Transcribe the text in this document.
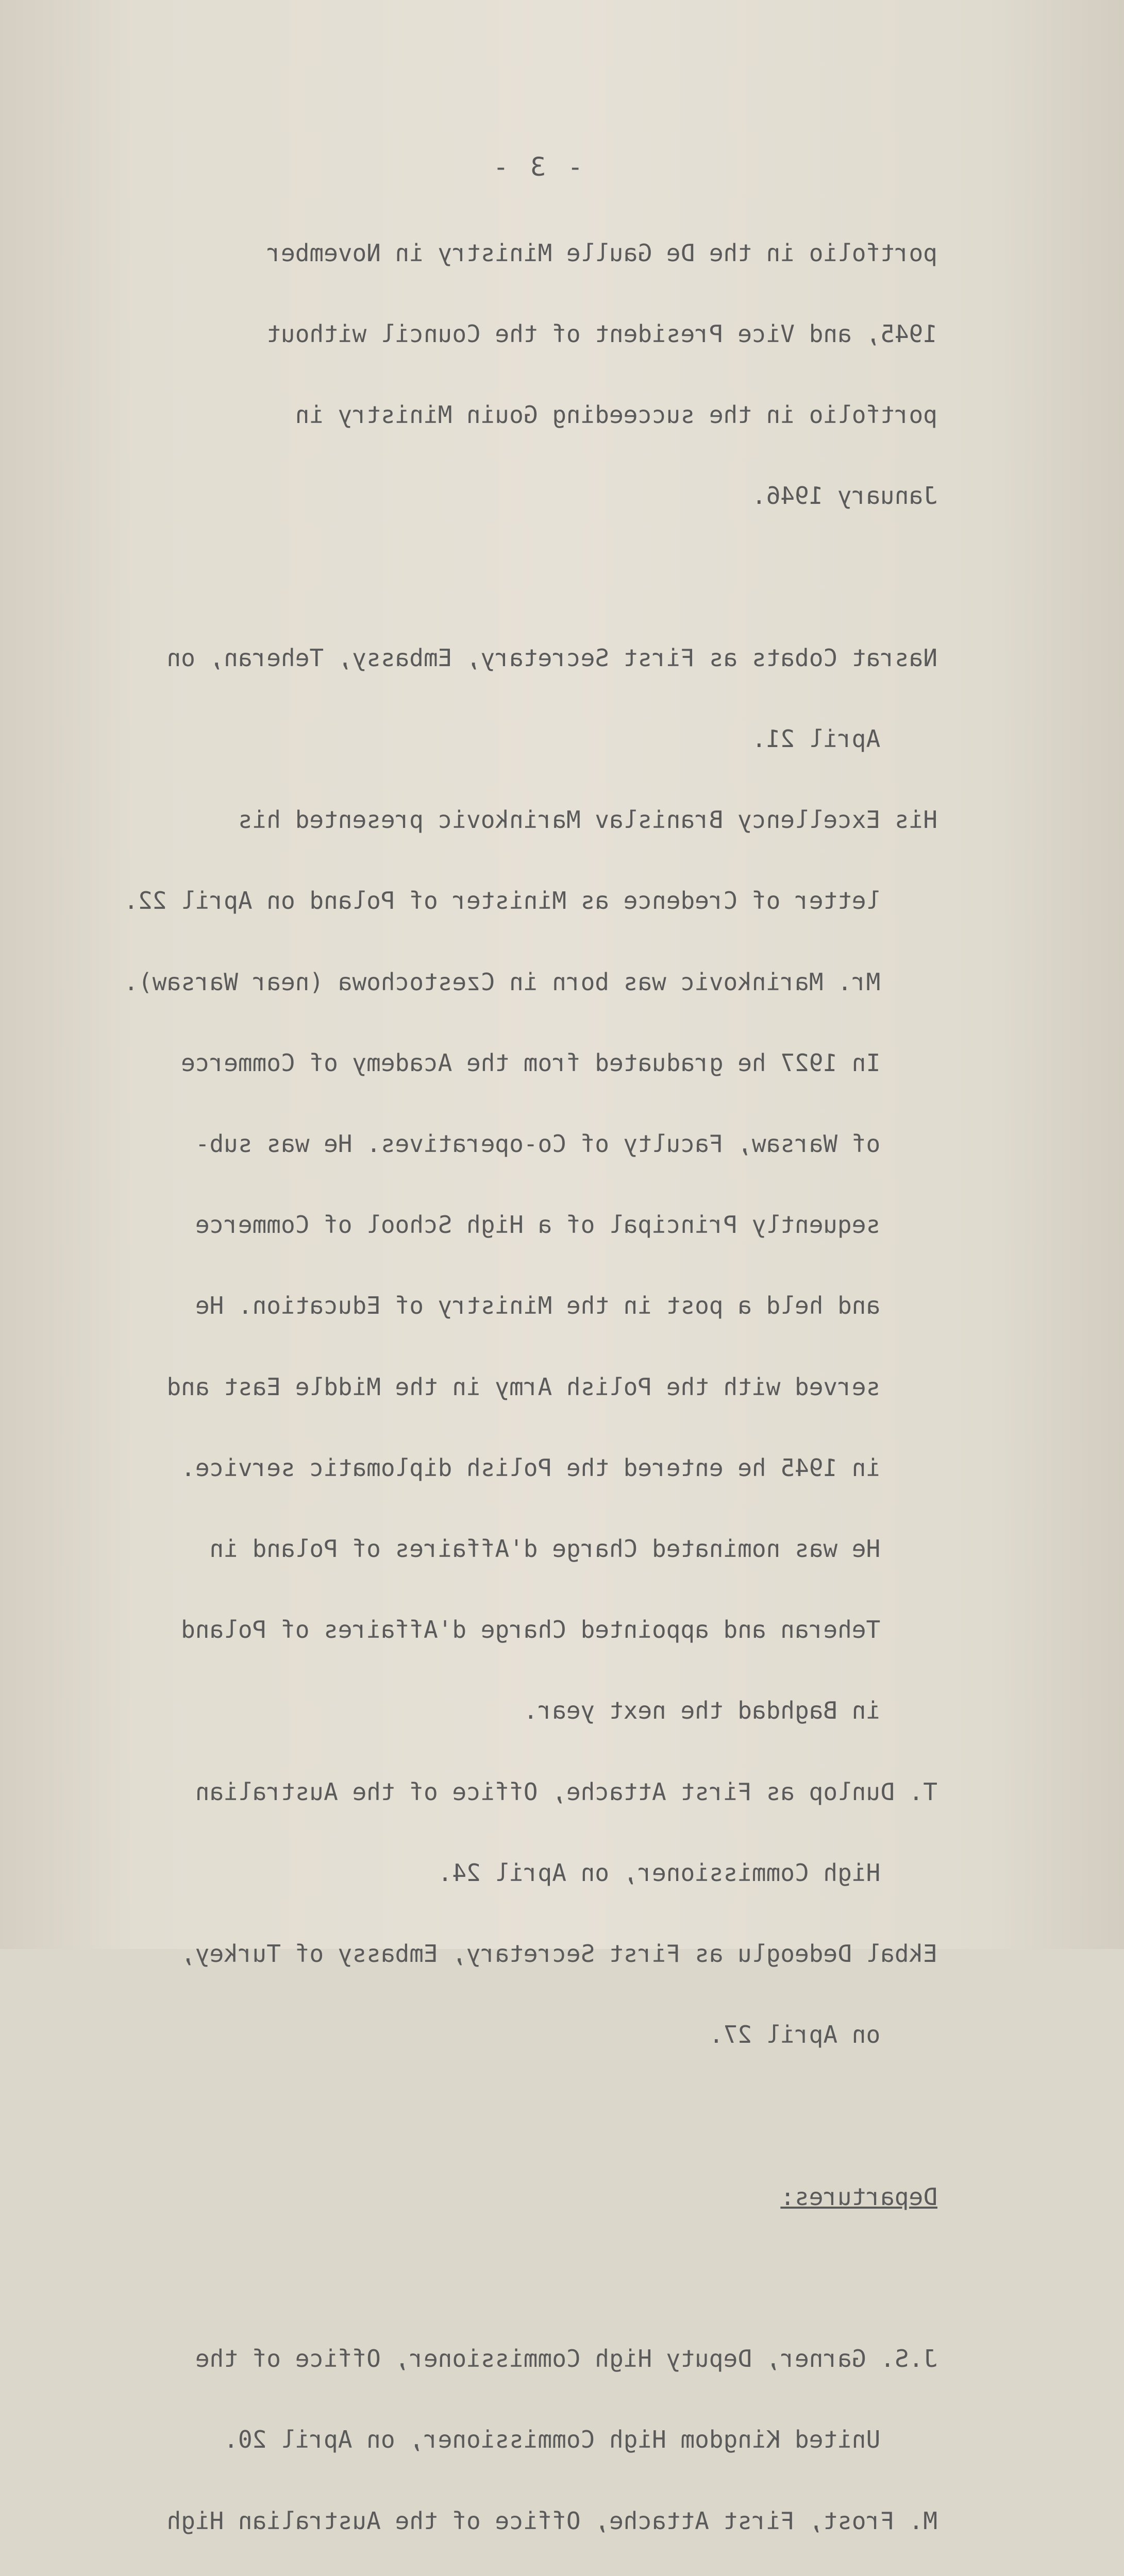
- 3 -

portfolio in the De Gaulle Ministry in November

1945, and Vice President of the Council without

portfolio in the succeeding Gouin Ministry in

January 1946.

Nasrat Cobats as First Secretary, Embassy, Teheran, on

April 21.

His Excellency Branislav Marinkovic presented his

letter of Credence as Minister of Poland on April 22.

Mr. Marinkovic was born in Czestochowa (near Warsaw).

In 1927 he graduated from the Academy of Commerce

of Warsaw, Faculty of Co-operatives. He was sub-

sequently Principal of a High School of Commerce

and held a post in the Ministry of Education. He

served with the Polish Army in the Middle East and

in 1945 he entered the Polish diplomatic service.

He was nominated Charge d'Affaires of Poland in

Teheran and appointed Charge d'Affaires of Poland

in Baghdad the next year.

T. Dunlop as First Attache, Office of the Australian

High Commissioner, on April 24.

Ekbal Dedeoglu as First Secretary, Embassy of Turkey,

on April 27.

Departures:

J.S. Garner, Deputy High Commissioner, Office of the

United Kingdom High Commissioner, on April 20.

M. Frost, First Attache, Office of the Australian High
